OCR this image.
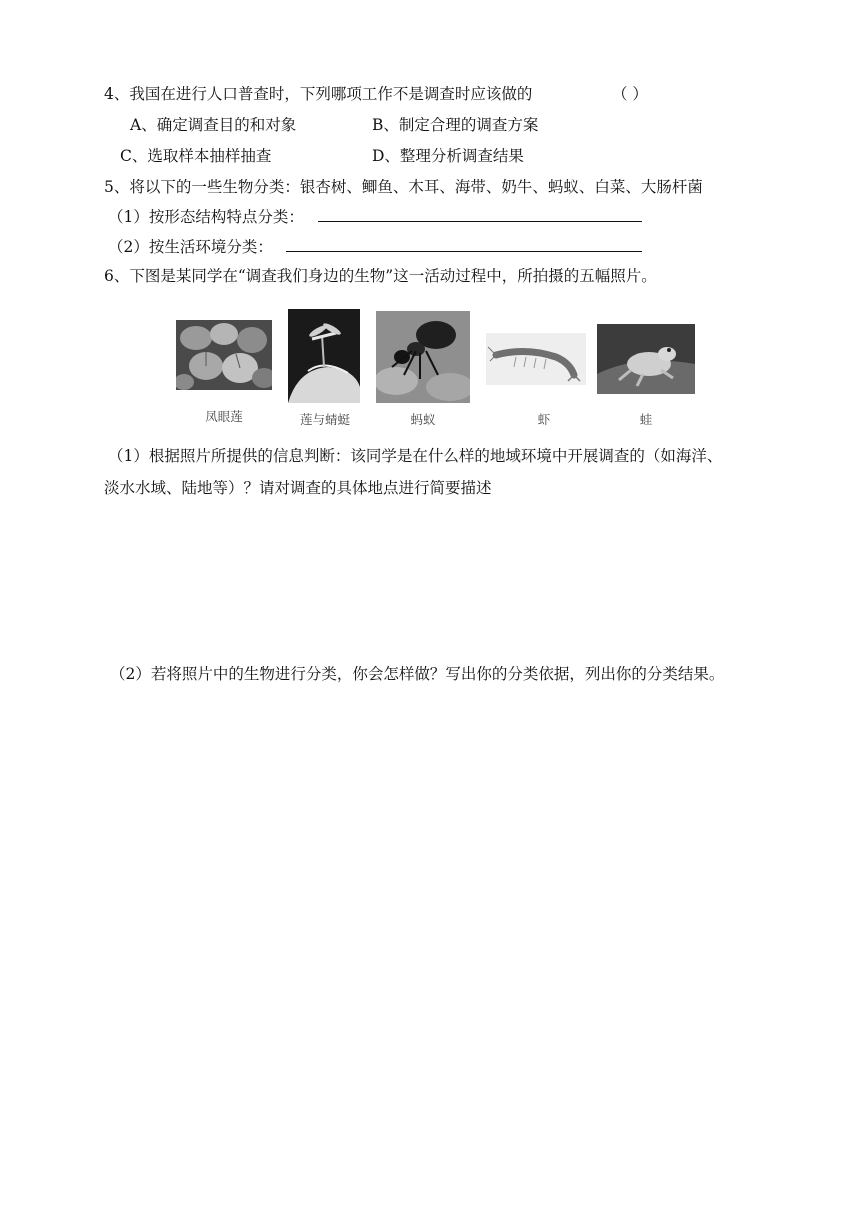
4、我国在进行人口普查时，下列哪项工作不是调查时应该做的	（ ）
A、确定调查目的和对象	B、制定合理的调查方案
C、选取样本抽样抽查	D、整理分析调查结果
5、将以下的一些生物分类：银杏树、鲫鱼、木耳、海带、奶牛、蚂蚁、白菜、大肠杆菌
（1）按形态结构特点分类：
（2）按生活环境分类：
6、下图是某同学在“调查我们身边的生物”这一活动过程中，所拍摄的五幅照片。
凤眼莲	莲与蜻蜓	蚂蚁	虾	蛙
（1）根据照片所提供的信息判断：该同学是在什么样的地域环境中开展调查的（如海洋、
淡水水域、陆地等）？请对调查的具体地点进行简要描述
（2）若将照片中的生物进行分类，你会怎样做？写出你的分类依据，列出你的分类结果。
